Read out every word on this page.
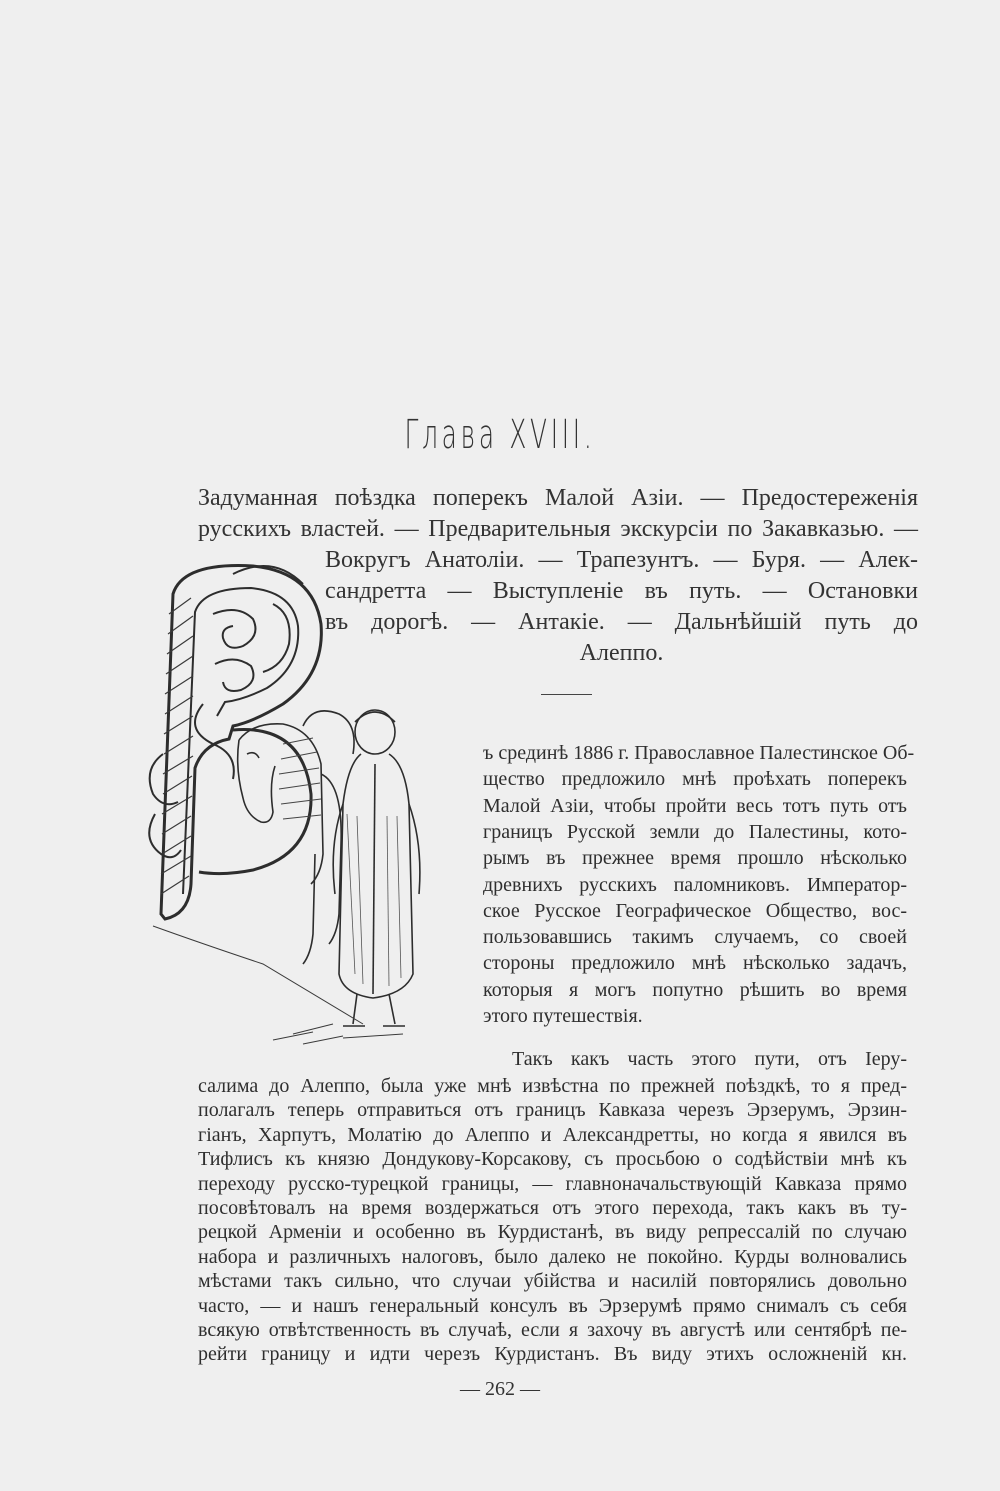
Глава XVIII.
Задуманная поѣздка поперекъ Малой Азіи. — Предостереженія
русскихъ властей. — Предварительныя экскурсіи по Закавказью. —
Вокругъ Анатоліи. — Трапезунтъ. — Буря. — Алек-
сандретта — Выступленіе въ путь. — Остановки
въ дорогѣ. — Антакіе. — Дальнѣйшій путь до
Алеппо.
ъ срединѣ 1886 г. Православное Палестинское Об-
щество предложило мнѣ проѣхать поперекъ
Малой Азіи, чтобы пройти весь тотъ путь отъ
границъ Русской земли до Палестины, кото-
рымъ въ прежнее время прошло нѣсколько
древнихъ русскихъ паломниковъ. Император-
ское Русское Географическое Общество, вос-
пользовавшись такимъ случаемъ, со своей
стороны предложило мнѣ нѣсколько задачъ,
которыя я могъ попутно рѣшить во время
этого путешествія.
Такъ какъ часть этого пути, отъ Іеру-
салима до Алеппо, была уже мнѣ извѣстна по прежней поѣздкѣ, то я пред-
полагалъ теперь отправиться отъ границъ Кавказа черезъ Эрзерумъ, Эрзин-
гіанъ, Харпутъ, Молатію до Алеппо и Александретты, но когда я явился въ
Тифлисъ къ князю Дондукову-Корсакову, съ просьбою о содѣйствіи мнѣ къ
переходу русско-турецкой границы, — главноначальствующій Кавказа прямо
посовѣтовалъ на время воздержаться отъ этого перехода, такъ какъ въ ту-
рецкой Арменіи и особенно въ Курдистанѣ, въ виду репрессалій по случаю
набора и различныхъ налоговъ, было далеко не покойно. Курды волновались
мѣстами такъ сильно, что случаи убійства и насилій повторялись довольно
часто, — и нашъ генеральный консулъ въ Эрзерумѣ прямо снималъ съ себя
всякую отвѣтственность въ случаѣ, если я захочу въ августѣ или сентябрѣ пе-
— 262 —
рейти границу и идти черезъ Курдистанъ. Въ виду этихъ осложненій кн.
